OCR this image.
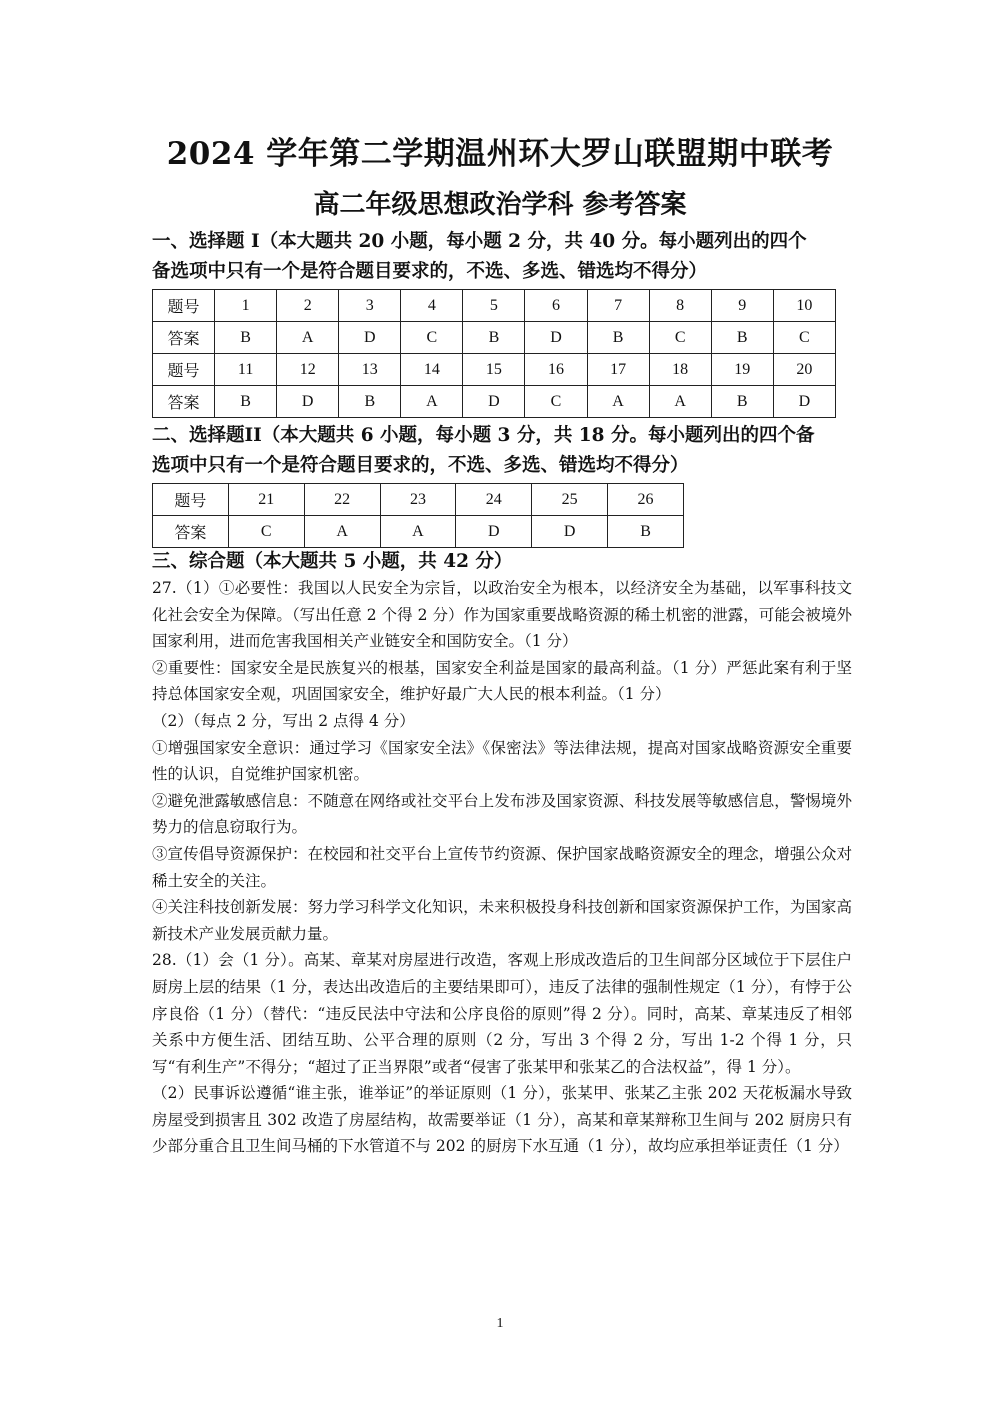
2024 学年第二学期温州环大罗山联盟期中联考
高二年级思想政治学科 参考答案
一、选择题 I（本大题共 20 小题，每小题 2 分，共 40 分。每小题列出的四个
备选项中只有一个是符合题目要求的，不选、多选、错选均不得分）
题号	1	2	3	4	5	6	7	8	9	10
答案	B	A	D	C	B	D	B	C	B	C
题号	11	12	13	14	15	16	17	18	19	20
答案	B	D	B	A	D	C	A	A	B	D
二、选择题II（本大题共 6 小题，每小题 3 分，共 18 分。每小题列出的四个备
选项中只有一个是符合题目要求的，不选、多选、错选均不得分）
题号	21	22	23	24	25	26
答案	C	A	A	D	D	B
三、综合题（本大题共 5 小题，共 42 分）

27.（1）①必要性：我国以人民安全为宗旨，以政治安全为根本，以经济安全为基础，以军事科技文化社会安全为保障。（写出任意 2 个得 2 分）作为国家重要战略资源的稀土机密的泄露，可能会被境外国家利用，进而危害我国相关产业链安全和国防安全。（1 分）

②重要性：国家安全是民族复兴的根基，国家安全利益是国家的最高利益。（1 分）严惩此案有利于坚持总体国家安全观，巩固国家安全，维护好最广大人民的根本利益。（1 分）

（2）（每点 2 分，写出 2 点得 4 分）

①增强国家安全意识：通过学习《国家安全法》《保密法》等法律法规，提高对国家战略资源安全重要性的认识，自觉维护国家机密。

②避免泄露敏感信息：不随意在网络或社交平台上发布涉及国家资源、科技发展等敏感信息，警惕境外势力的信息窃取行为。

③宣传倡导资源保护：在校园和社交平台上宣传节约资源、保护国家战略资源安全的理念，增强公众对稀土安全的关注。

④关注科技创新发展：努力学习科学文化知识，未来积极投身科技创新和国家资源保护工作，为国家高新技术产业发展贡献力量。

28.（1）会（1 分）。高某、章某对房屋进行改造，客观上形成改造后的卫生间部分区域位于下层住户厨房上层的结果（1 分，表达出改造后的主要结果即可），违反了法律的强制性规定（1 分），有悖于公序良俗（1 分）（替代：“违反民法中守法和公序良俗的原则”得 2 分）。同时，高某、章某违反了相邻关系中方便生活、团结互助、公平合理的原则（2 分，写出 3 个得 2 分，写出 1-2 个得 1 分，只写“有利生产”不得分；“超过了正当界限”或者“侵害了张某甲和张某乙的合法权益”，得 1 分）。

（2）民事诉讼遵循“谁主张，谁举证”的举证原则（1 分），张某甲、张某乙主张 202 天花板漏水导致房屋受到损害且 302 改造了房屋结构，故需要举证（1 分），高某和章某辩称卫生间与 202 厨房只有少部分重合且卫生间马桶的下水管道不与 202 的厨房下水互通（1 分），故均应承担举证责任（1 分）

1
